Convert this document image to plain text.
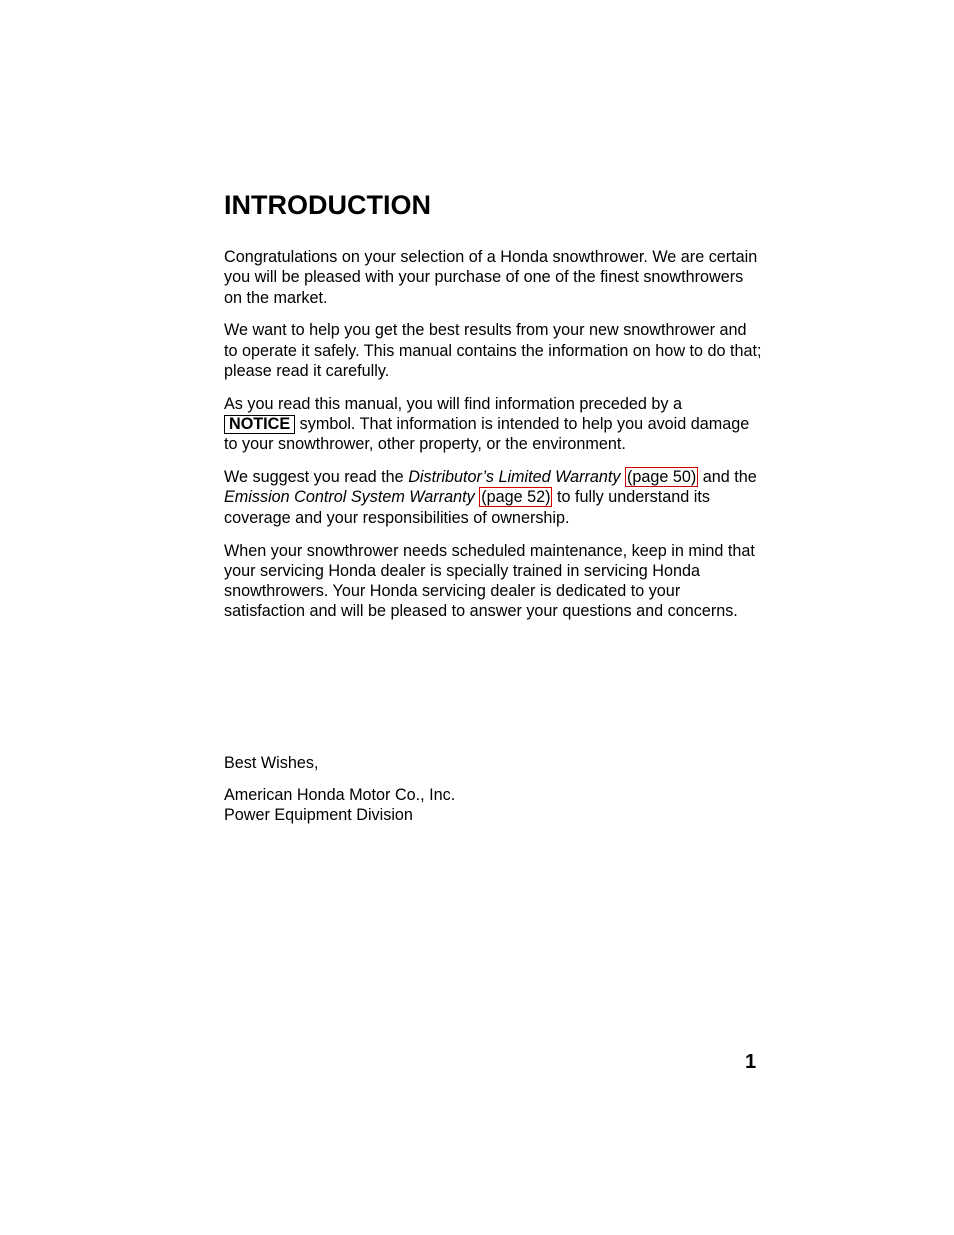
INTRODUCTION

Congratulations on your selection of a Honda snowthrower. We are certain you will be pleased with your purchase of one of the finest snowthrowers on the market.

We want to help you get the best results from your new snowthrower and to operate it safely. This manual contains the information on how to do that; please read it carefully.

As you read this manual, you will find information preceded by a
NOTICE symbol. That information is intended to help you avoid damage to your snowthrower, other property, or the environment.

We suggest you read the Distributor’s Limited Warranty (page 50) and the Emission Control System Warranty (page 52) to fully understand its coverage and your responsibilities of ownership.

When your snowthrower needs scheduled maintenance, keep in mind that your servicing Honda dealer is specially trained in servicing Honda snowthrowers. Your Honda servicing dealer is dedicated to your satisfaction and will be pleased to answer your questions and concerns.

Best Wishes,

American Honda Motor Co., Inc.
Power Equipment Division

1
